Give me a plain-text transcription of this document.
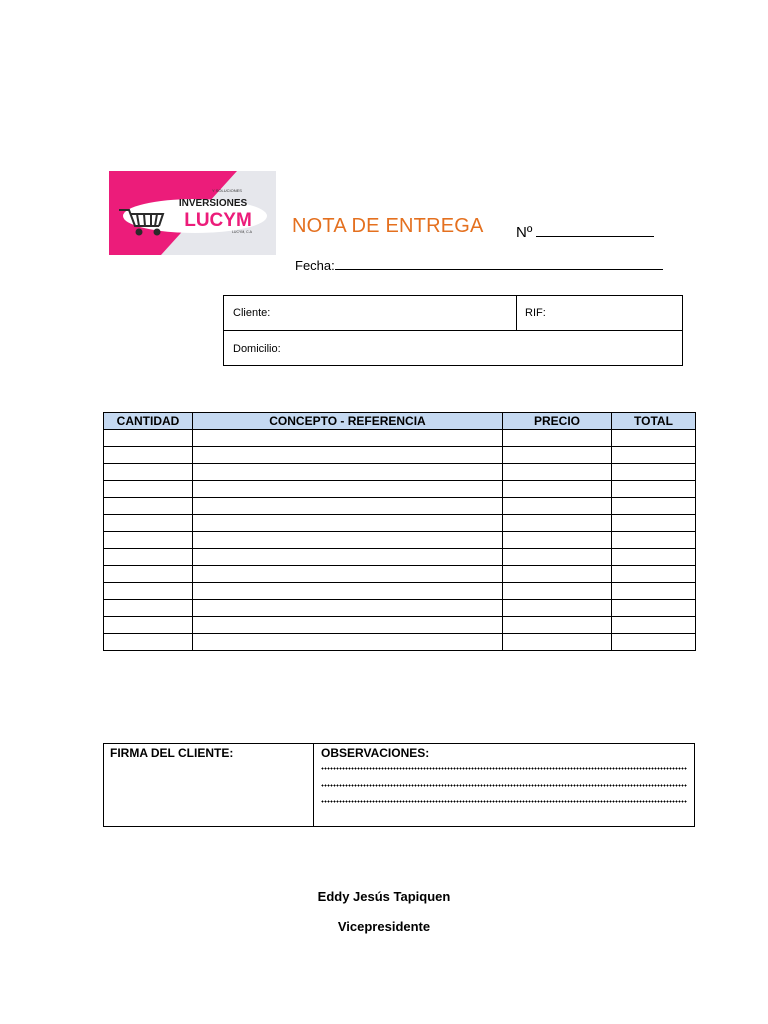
Y SOLUCIONES
INVERSIONES
LUCYM
LUCYM, C.A NOTA DE ENTREGA Nº
Fecha:
Cliente:	RIF:
Domicilio:
CANTIDAD	CONCEPTO - REFERENCIA	PRECIO	TOTAL

FIRMA DEL CLIENTE:	OBSERVACIONES:
Eddy Jesús Tapiquen
Vicepresidente
